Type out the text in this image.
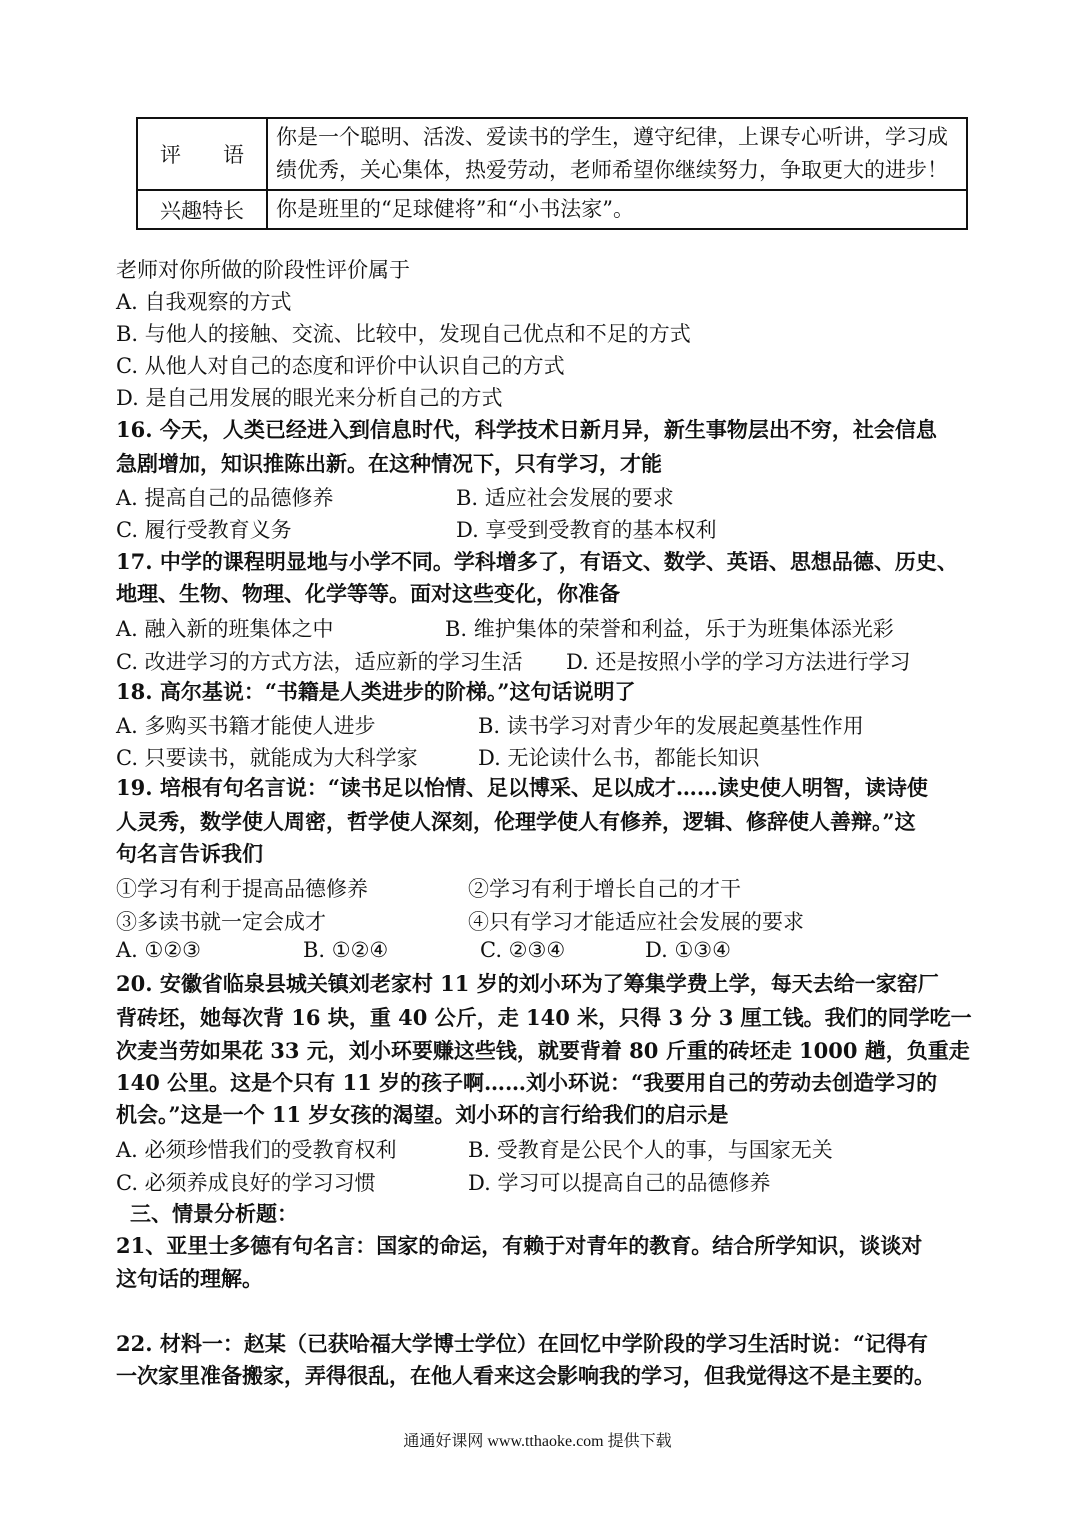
评　　语	你是一个聪明、活泼、爱读书的学生，遵守纪律，上课专心听讲，学习成绩优秀，关心集体，热爱劳动，老师希望你继续努力，争取更大的进步！
兴趣特长	你是班里的“足球健将”和“小书法家”。
老师对你所做的阶段性评价属于
A. 自我观察的方式
B. 与他人的接触、交流、比较中，发现自己优点和不足的方式
C. 从他人对自己的态度和评价中认识自己的方式
D. 是自己用发展的眼光来分析自己的方式
16. 今天，人类已经进入到信息时代，科学技术日新月异，新生事物层出不穷，社会信息
急剧增加，知识推陈出新。在这种情况下，只有学习，才能
A. 提高自己的品德修养	B. 适应社会发展的要求
C. 履行受教育义务	D. 享受到受教育的基本权利
17. 中学的课程明显地与小学不同。学科增多了，有语文、数学、英语、思想品德、历史、
地理、生物、物理、化学等等。面对这些变化，你准备
A. 融入新的班集体之中	B. 维护集体的荣誉和利益，乐于为班集体添光彩
C. 改进学习的方式方法，适应新的学习生活 D. 还是按照小学的学习方法进行学习
18. 高尔基说：“书籍是人类进步的阶梯。”这句话说明了
A. 多购买书籍才能使人进步	B. 读书学习对青少年的发展起奠基性作用
C. 只要读书，就能成为大科学家	D. 无论读什么书，都能长知识
19. 培根有句名言说：“读书足以怡情、足以博采、足以成才……读史使人明智，读诗使
人灵秀，数学使人周密，哲学使人深刻，伦理学使人有修养，逻辑、修辞使人善辩。”这
句名言告诉我们
①学习有利于提高品德修养	②学习有利于增长自己的才干
③多读书就一定会成才	④只有学习才能适应社会发展的要求
A. ①②③	B. ①②④	C. ②③④	D. ①③④
20. 安徽省临泉县城关镇刘老家村 11 岁的刘小环为了筹集学费上学，每天去给一家窑厂
背砖坯，她每次背 16 块，重 40 公斤，走 140 米，只得 3 分 3 厘工钱。我们的同学吃一
次麦当劳如果花 33 元，刘小环要赚这些钱，就要背着 80 斤重的砖坯走 1000 趟，负重走
140 公里。这是个只有 11 岁的孩子啊……刘小环说：“我要用自己的劳动去创造学习的
机会。”这是一个 11 岁女孩的渴望。刘小环的言行给我们的启示是
A. 必须珍惜我们的受教育权利	B. 受教育是公民个人的事，与国家无关
C. 必须养成良好的学习习惯	D. 学习可以提高自己的品德修养
三、情景分析题：
21、亚里士多德有句名言：国家的命运，有赖于对青年的教育。结合所学知识，谈谈对
这句话的理解。
22. 材料一：赵某（已获哈福大学博士学位）在回忆中学阶段的学习生活时说：“记得有
一次家里准备搬家，弄得很乱，在他人看来这会影响我的学习，但我觉得这不是主要的。
通通好课网 www.tthaoke.com 提供下载
